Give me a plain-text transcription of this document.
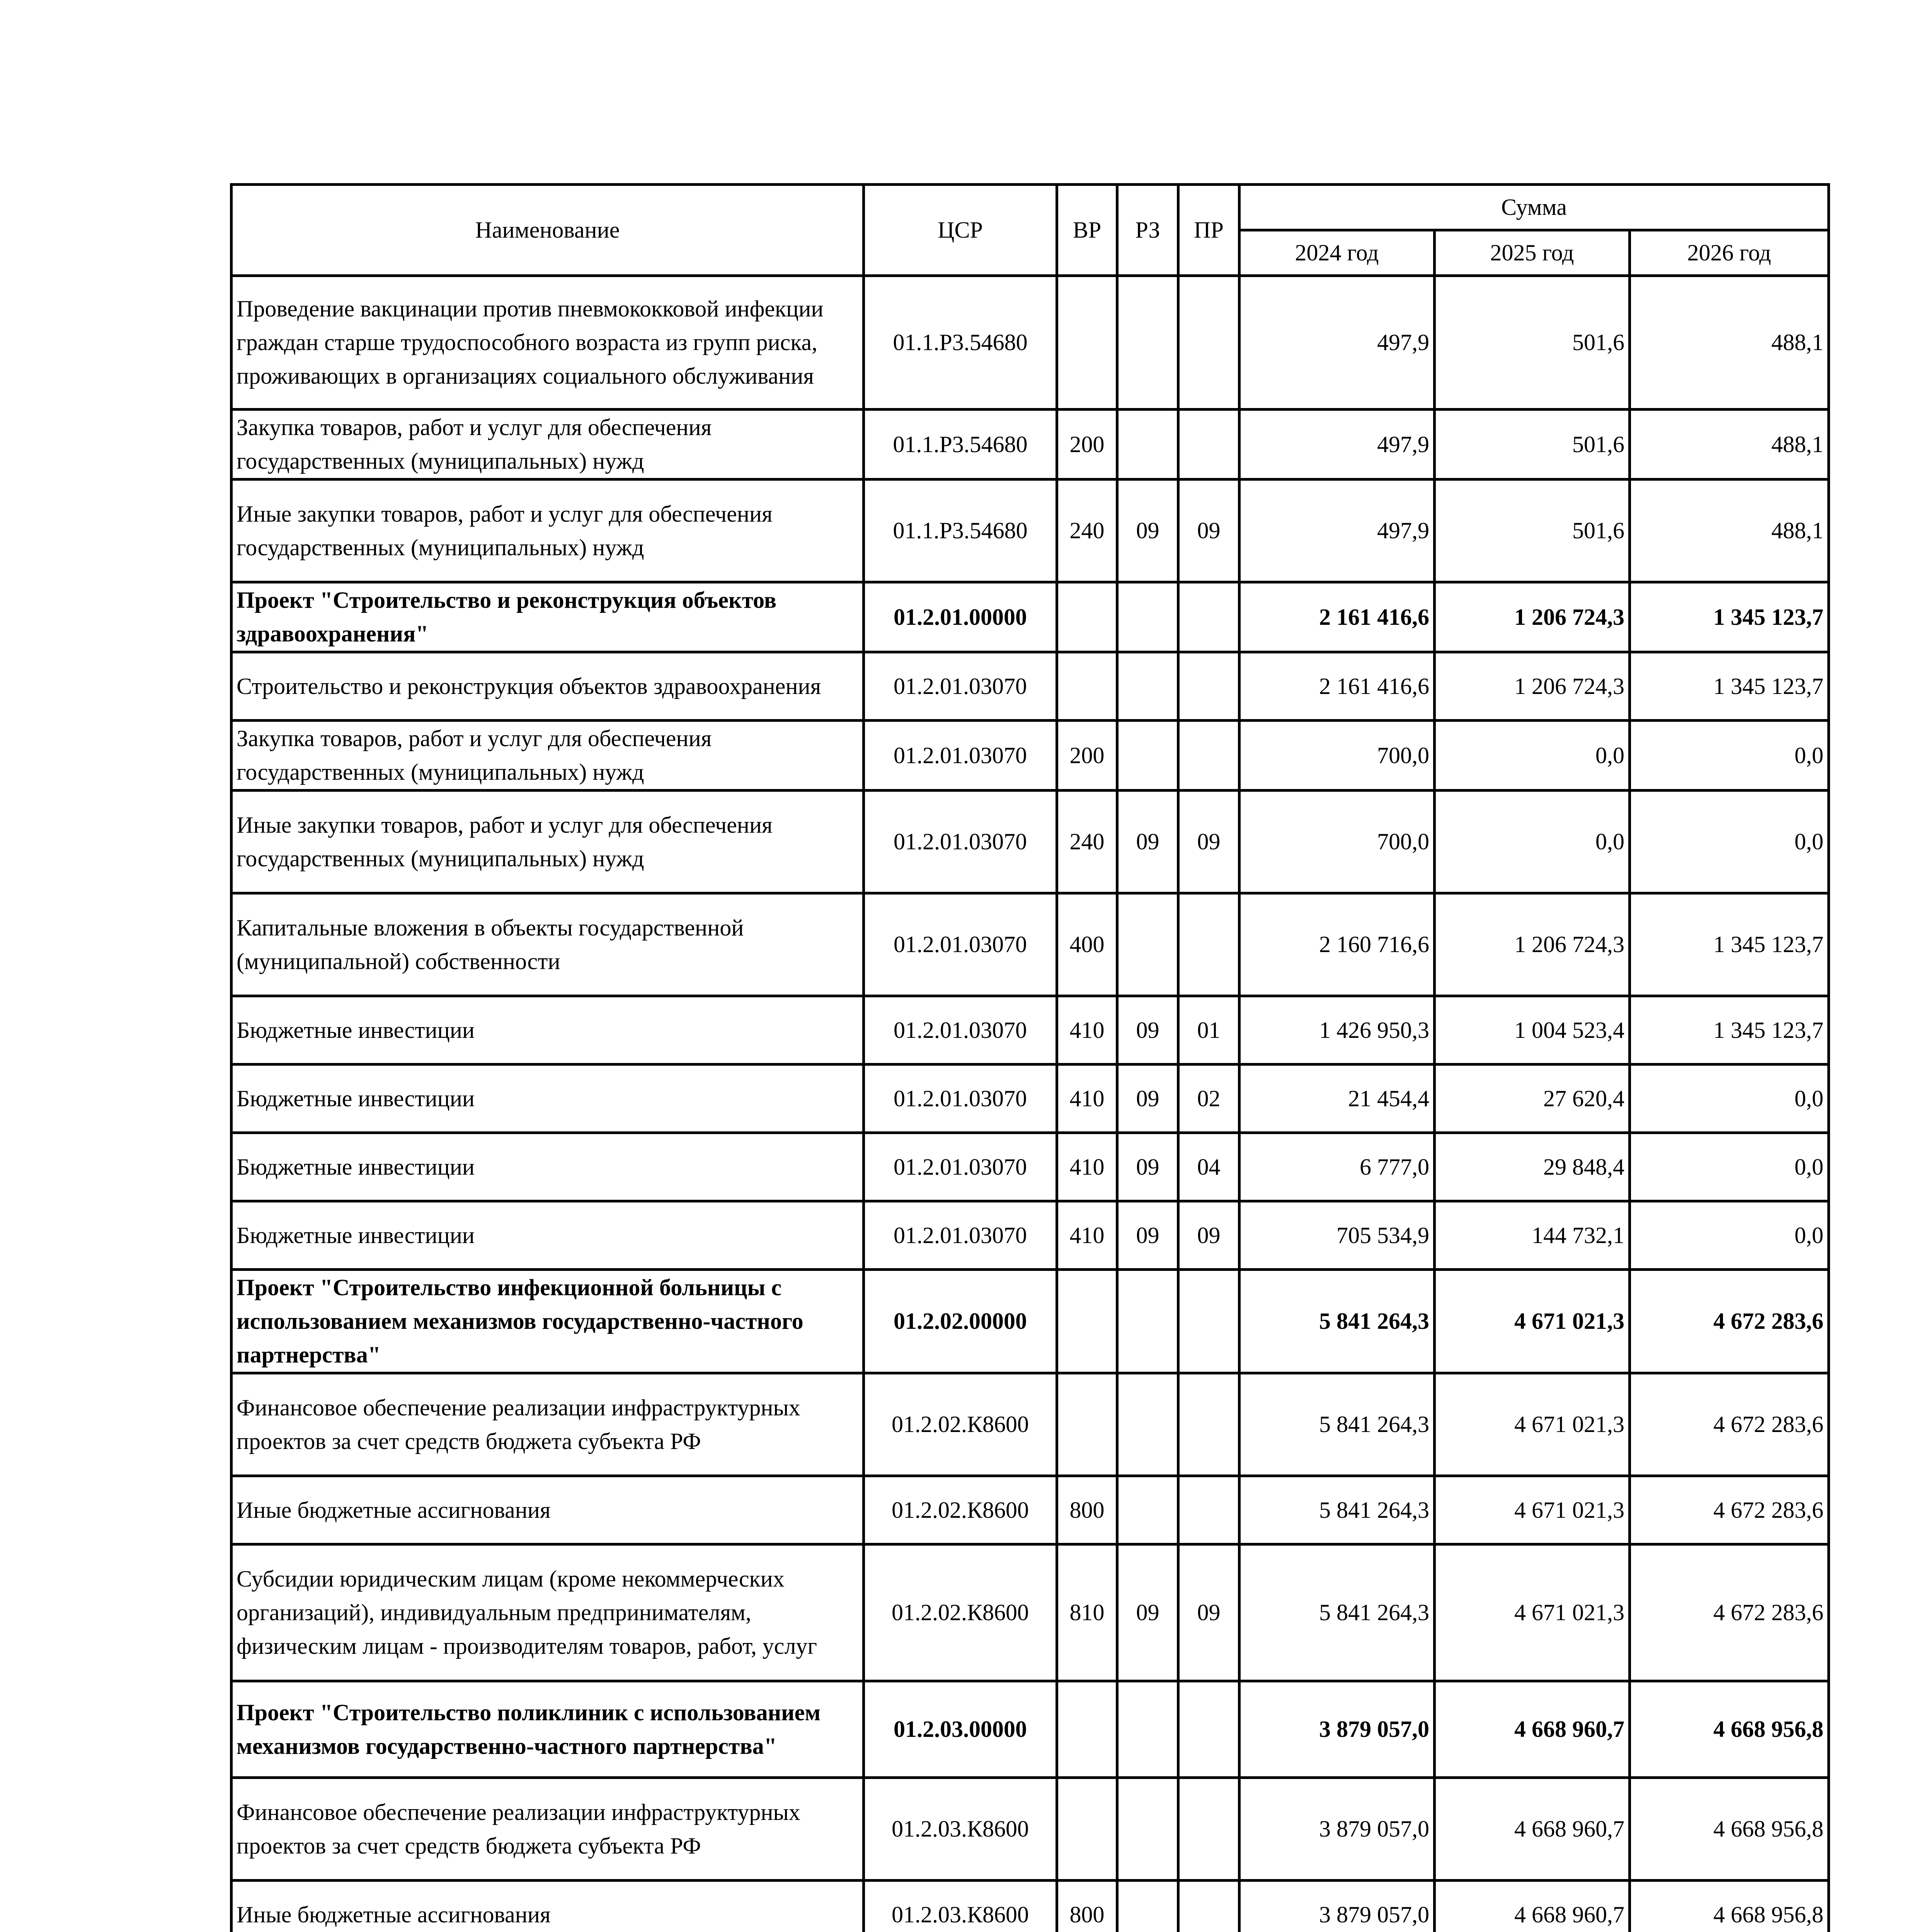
Наименование	ЦСР	ВР	РЗ	ПР	Сумма		
					2024 год	2025 год	2026 год
Проведение вакцинации против пневмококковой инфекции граждан старше трудоспособного возраста из групп риска, проживающих в организациях социального обслуживания	01.1.Р3.54680				497,9	501,6	488,1
Закупка товаров, работ и услуг для обеспечения государственных (муниципальных) нужд	01.1.Р3.54680	200			497,9	501,6	488,1
Иные закупки товаров, работ и услуг для обеспечения государственных (муниципальных) нужд	01.1.Р3.54680	240	09	09	497,9	501,6	488,1
Проект "Строительство и реконструкция объектов здравоохранения"	01.2.01.00000				2 161 416,6	1 206 724,3	1 345 123,7
Строительство и реконструкция объектов здравоохранения	01.2.01.03070				2 161 416,6	1 206 724,3	1 345 123,7
Закупка товаров, работ и услуг для обеспечения государственных (муниципальных) нужд	01.2.01.03070	200			700,0	0,0	0,0
Иные закупки товаров, работ и услуг для обеспечения государственных (муниципальных) нужд	01.2.01.03070	240	09	09	700,0	0,0	0,0
Капитальные вложения в объекты государственной (муниципальной) собственности	01.2.01.03070	400			2 160 716,6	1 206 724,3	1 345 123,7
Бюджетные инвестиции	01.2.01.03070	410	09	01	1 426 950,3	1 004 523,4	1 345 123,7
Бюджетные инвестиции	01.2.01.03070	410	09	02	21 454,4	27 620,4	0,0
Бюджетные инвестиции	01.2.01.03070	410	09	04	6 777,0	29 848,4	0,0
Бюджетные инвестиции	01.2.01.03070	410	09	09	705 534,9	144 732,1	0,0
Проект "Строительство инфекционной больницы с использованием механизмов государственно-частного партнерства"	01.2.02.00000				5 841 264,3	4 671 021,3	4 672 283,6
Финансовое обеспечение реализации инфраструктурных проектов за счет средств бюджета субъекта РФ	01.2.02.К8600				5 841 264,3	4 671 021,3	4 672 283,6
Иные бюджетные ассигнования	01.2.02.К8600	800			5 841 264,3	4 671 021,3	4 672 283,6
Субсидии юридическим лицам (кроме некоммерческих организаций), индивидуальным предпринимателям, физическим лицам - производителям товаров, работ, услуг	01.2.02.К8600	810	09	09	5 841 264,3	4 671 021,3	4 672 283,6
Проект "Строительство поликлиник с использованием механизмов государственно-частного партнерства"	01.2.03.00000				3 879 057,0	4 668 960,7	4 668 956,8
Финансовое обеспечение реализации инфраструктурных проектов за счет средств бюджета субъекта РФ	01.2.03.К8600				3 879 057,0	4 668 960,7	4 668 956,8
Иные бюджетные ассигнования	01.2.03.К8600	800			3 879 057,0	4 668 960,7	4 668 956,8
